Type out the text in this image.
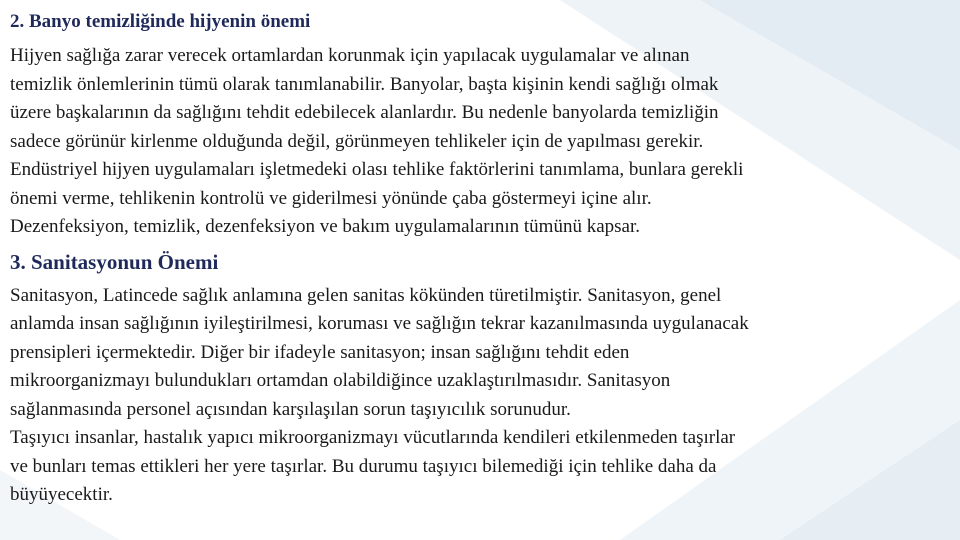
2. Banyo temizliğinde hijyenin önemi

Hijyen sağlığa zarar verecek ortamlardan korunmak için yapılacak uygulamalar ve alınan
temizlik önlemlerinin tümü olarak tanımlanabilir. Banyolar, başta kişinin kendi sağlığı olmak
üzere başkalarının da sağlığını tehdit edebilecek alanlardır. Bu nedenle banyolarda temizliğin
sadece görünür kirlenme olduğunda değil, görünmeyen tehlikeler için de yapılması gerekir.
Endüstriyel hijyen uygulamaları işletmedeki olası tehlike faktörlerini tanımlama, bunlara gerekli
önemi verme, tehlikenin kontrolü ve giderilmesi yönünde çaba göstermeyi içine alır.
Dezenfeksiyon, temizlik, dezenfeksiyon ve bakım uygulamalarının tümünü kapsar.

3. Sanitasyonun Önemi

Sanitasyon, Latincede sağlık anlamına gelen sanitas kökünden türetilmiştir. Sanitasyon, genel
anlamda insan sağlığının iyileştirilmesi, koruması ve sağlığın tekrar kazanılmasında uygulanacak
prensipleri içermektedir. Diğer bir ifadeyle sanitasyon; insan sağlığını tehdit eden
mikroorganizmayı bulundukları ortamdan olabildiğince uzaklaştırılmasıdır. Sanitasyon
sağlanmasında personel açısından karşılaşılan sorun taşıyıcılık sorunudur.
Taşıyıcı insanlar, hastalık yapıcı mikroorganizmayı vücutlarında kendileri etkilenmeden taşırlar
ve bunları temas ettikleri her yere taşırlar. Bu durumu taşıyıcı bilemediği için tehlike daha da
büyüyecektir.
